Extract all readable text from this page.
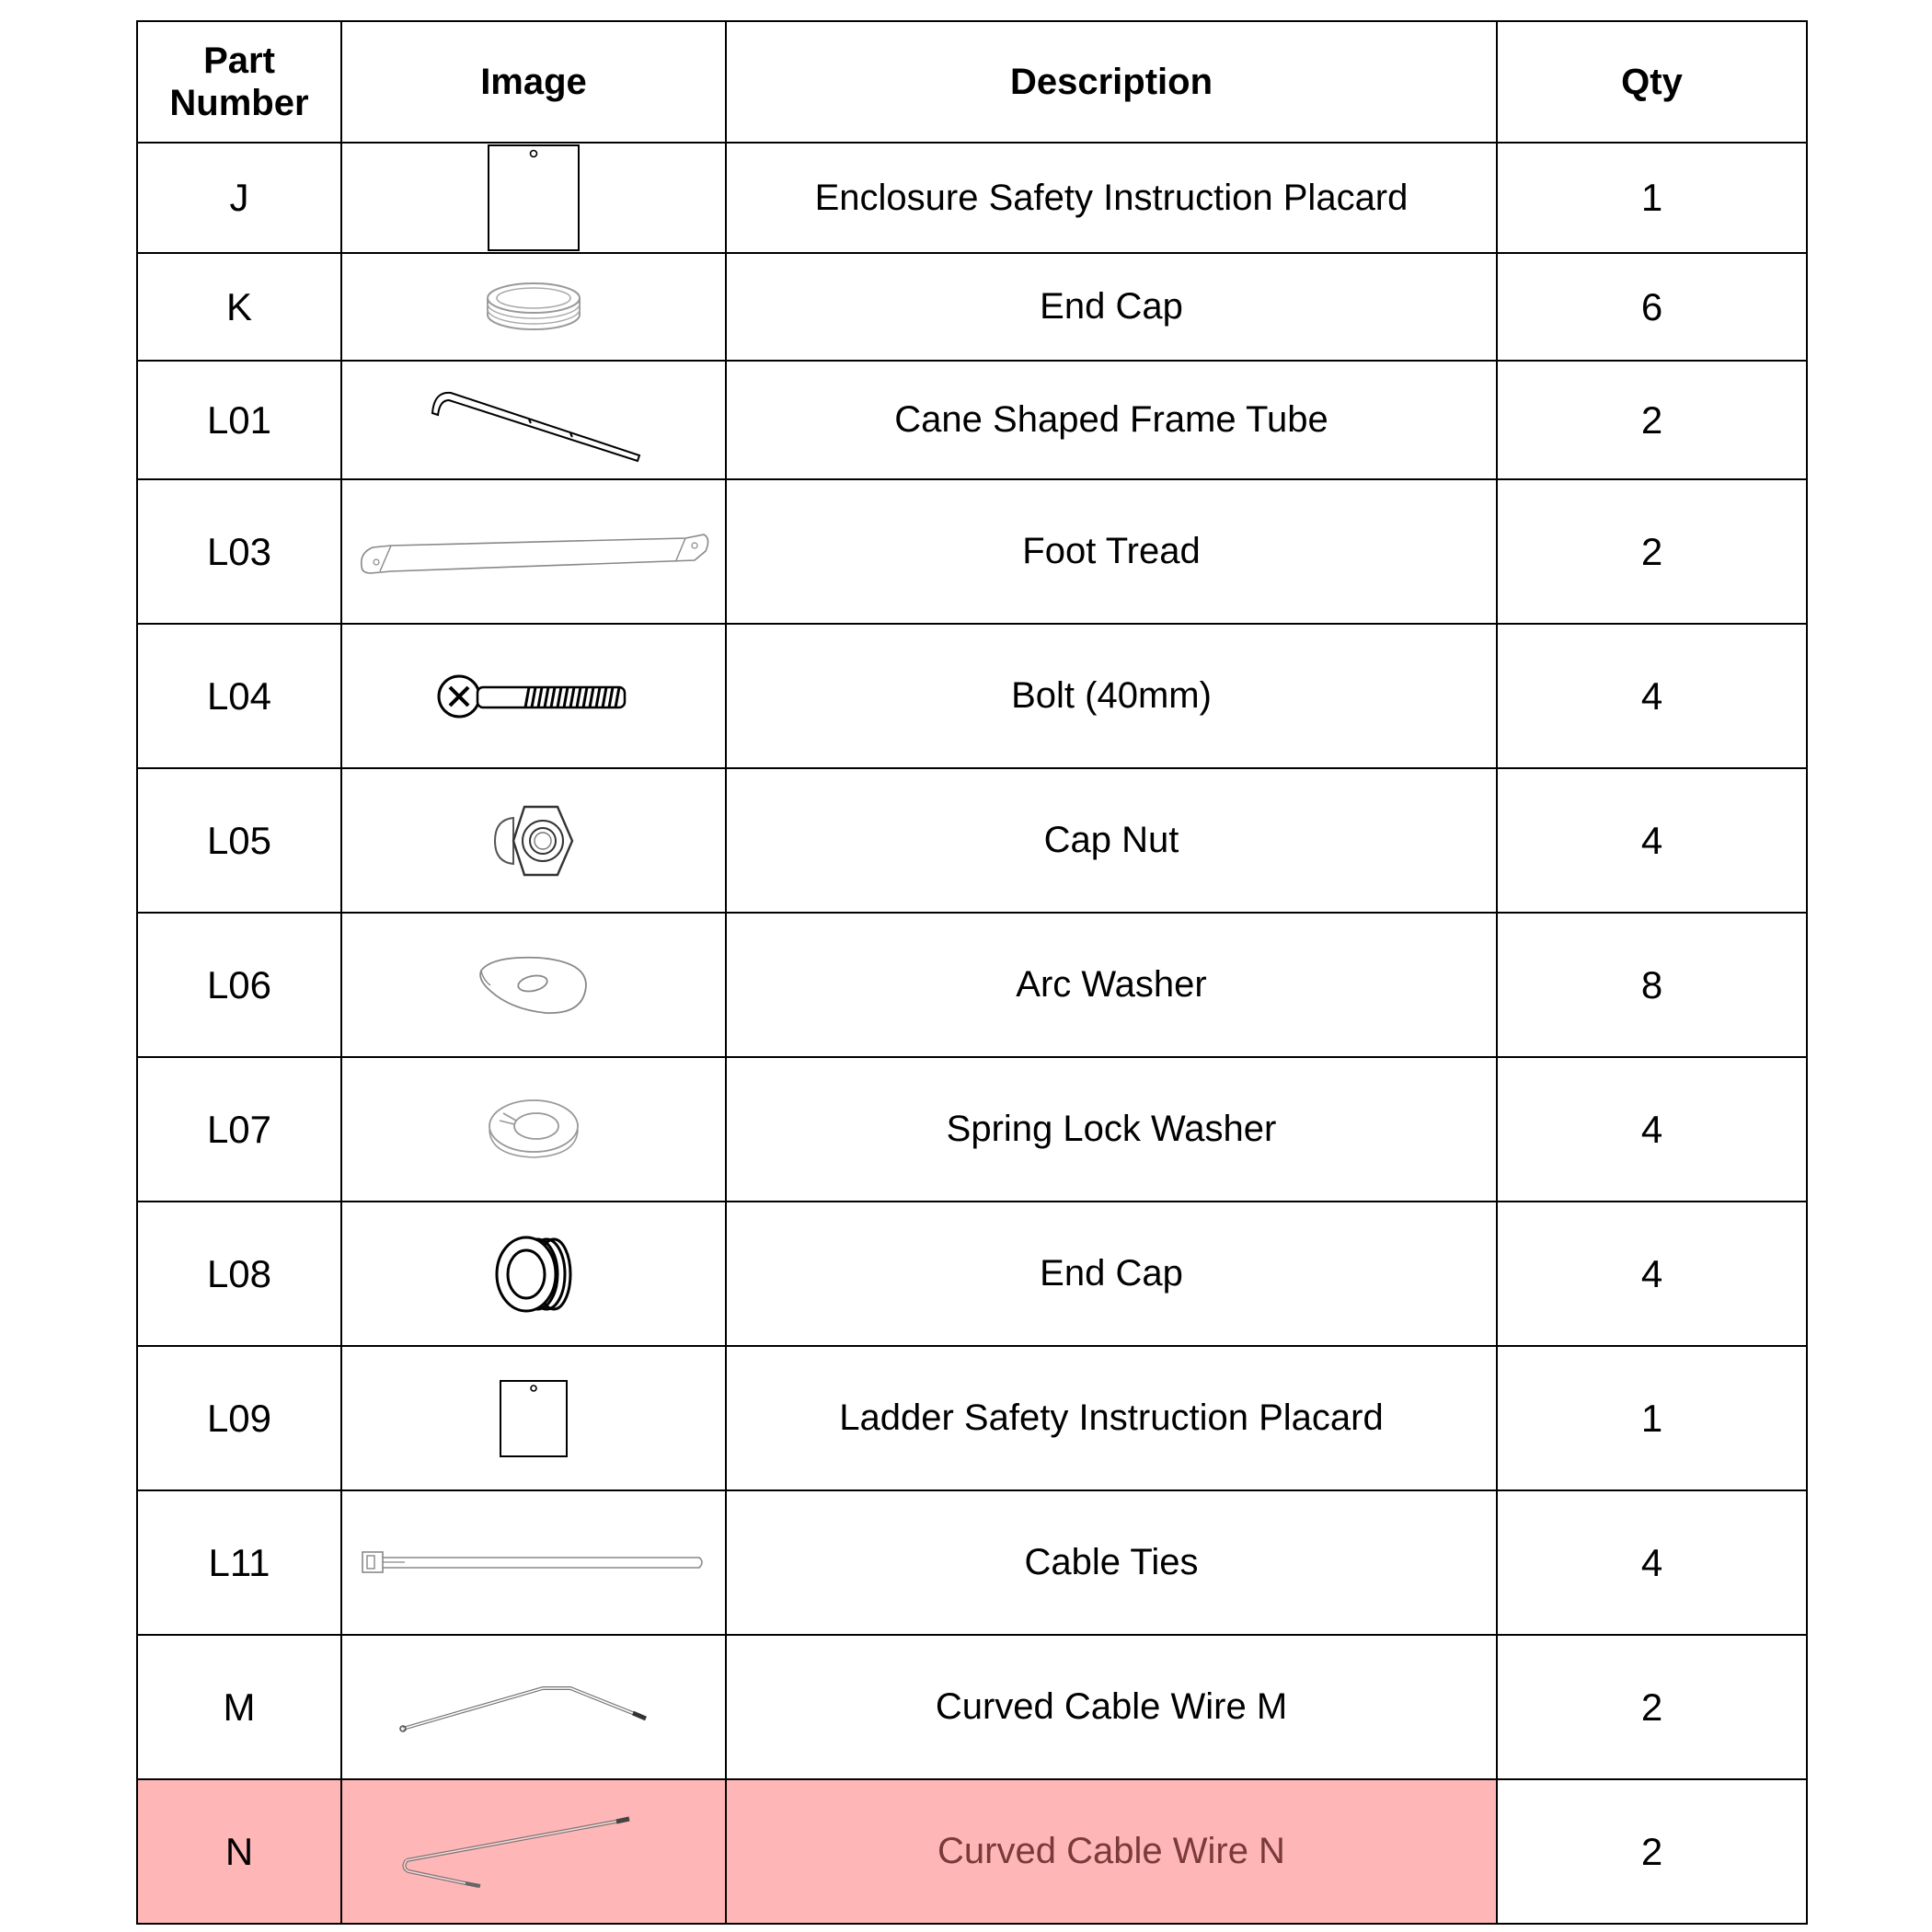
Part Number	Image	Description	Qty
J		Enclosure Safety Instruction Placard	1
K		End Cap	6
L01		Cane Shaped Frame Tube	2
L03		Foot Tread	2
L04		Bolt (40mm)	4
L05		Cap Nut	4
L06		Arc Washer	8
L07		Spring Lock Washer	4
L08		End Cap	4
L09		Ladder Safety Instruction Placard	1
L11		Cable Ties	4
M		Curved Cable Wire M	2
N		Curved Cable Wire N	2
